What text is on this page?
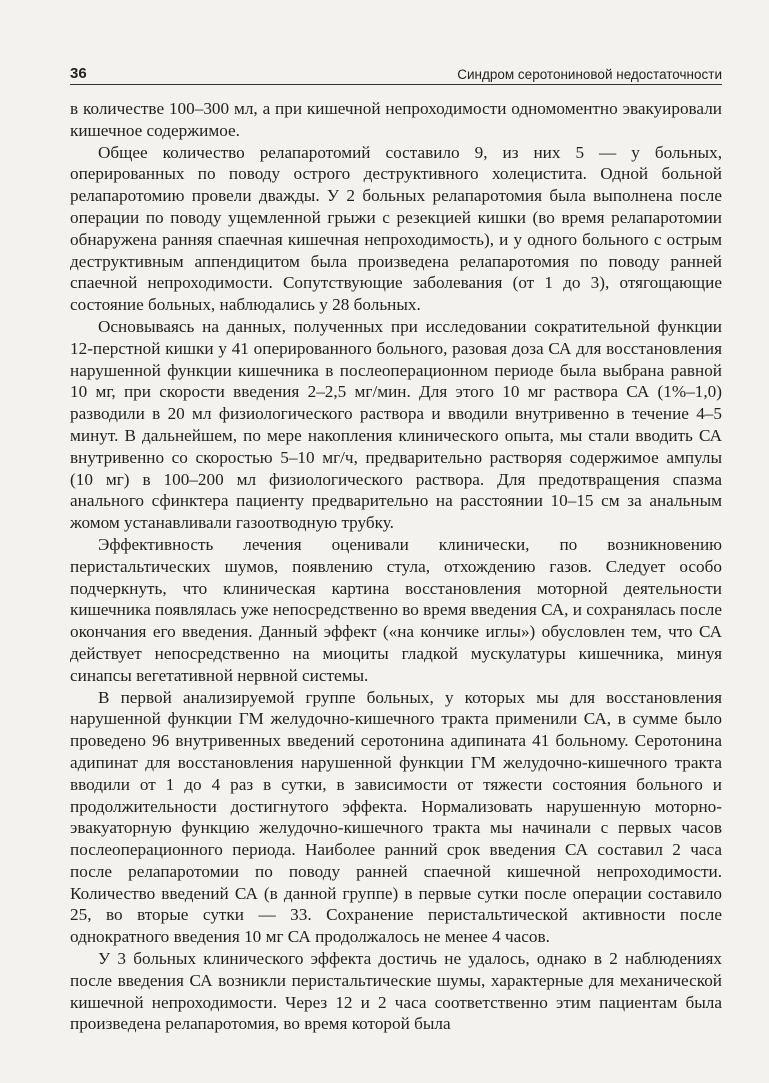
36	Синдром серотониновой недостаточности

в количестве 100–300 мл, а при кишечной непроходимости одномоментно эвакуировали кишечное содержимое.

Общее количество релапаротомий составило 9, из них 5 — у больных, оперированных по поводу острого деструктивного холецистита. Одной больной релапаротомию провели дважды. У 2 больных релапаротомия была выполнена после операции по поводу ущемленной грыжи с резекцией кишки (во время релапаротомии обнаружена ранняя спаечная кишечная непроходимость), и у одного больного с острым деструктивным аппендицитом была произведена релапаротомия по поводу ранней спаечной непроходимости. Сопутствующие заболевания (от 1 до 3), отягощающие состояние больных, наблюдались у 28 больных.

Основываясь на данных, полученных при исследовании сократительной функции 12-перстной кишки у 41 оперированного больного, разовая доза СА для восстановления нарушенной функции кишечника в послеоперационном периоде была выбрана равной 10 мг, при скорости введения 2–2,5 мг/мин. Для этого 10 мг раствора СА (1%–1,0) разводили в 20 мл физиологического раствора и вводили внутривенно в течение 4–5 минут. В дальнейшем, по мере накопления клинического опыта, мы стали вводить СА внутривенно со скоростью 5–10 мг/ч, предварительно растворяя содержимое ампулы (10 мг) в 100–200 мл физиологического раствора. Для предотвращения спазма анального сфинктера пациенту предварительно на расстоянии 10–15 см за анальным жомом устанавливали газоотводную трубку.

Эффективность лечения оценивали клинически, по возникновению перистальтических шумов, появлению стула, отхождению газов. Следует особо подчеркнуть, что клиническая картина восстановления моторной деятельности кишечника появлялась уже непосредственно во время введения СА, и сохранялась после окончания его введения. Данный эффект («на кончике иглы») обусловлен тем, что СА действует непосредственно на миоциты гладкой мускулатуры кишечника, минуя синапсы вегетативной нервной системы.

В первой анализируемой группе больных, у которых мы для восстановления нарушенной функции ГМ желудочно-кишечного тракта применили СА, в сумме было проведено 96 внутривенных введений серотонина адипината 41 больному. Серотонина адипинат для восстановления нарушенной функции ГМ желудочно-кишечного тракта вводили от 1 до 4 раз в сутки, в зависимости от тяжести состояния больного и продолжительности достигнутого эффекта. Нормализовать нарушенную моторно-эвакуаторную функцию желудочно-кишечного тракта мы начинали с первых часов послеоперационного периода. Наиболее ранний срок введения СА составил 2 часа после релапаротомии по поводу ранней спаечной кишечной непроходимости. Количество введений СА (в данной группе) в первые сутки после операции составило 25, во вторые сутки — 33. Сохранение перистальтической активности после однократного введения 10 мг СА продолжалось не менее 4 часов.

У 3 больных клинического эффекта достичь не удалось, однако в 2 наблюдениях после введения СА возникли перистальтические шумы, характерные для механической кишечной непроходимости. Через 12 и 2 часа соответственно этим пациентам была произведена релапаротомия, во время которой была
